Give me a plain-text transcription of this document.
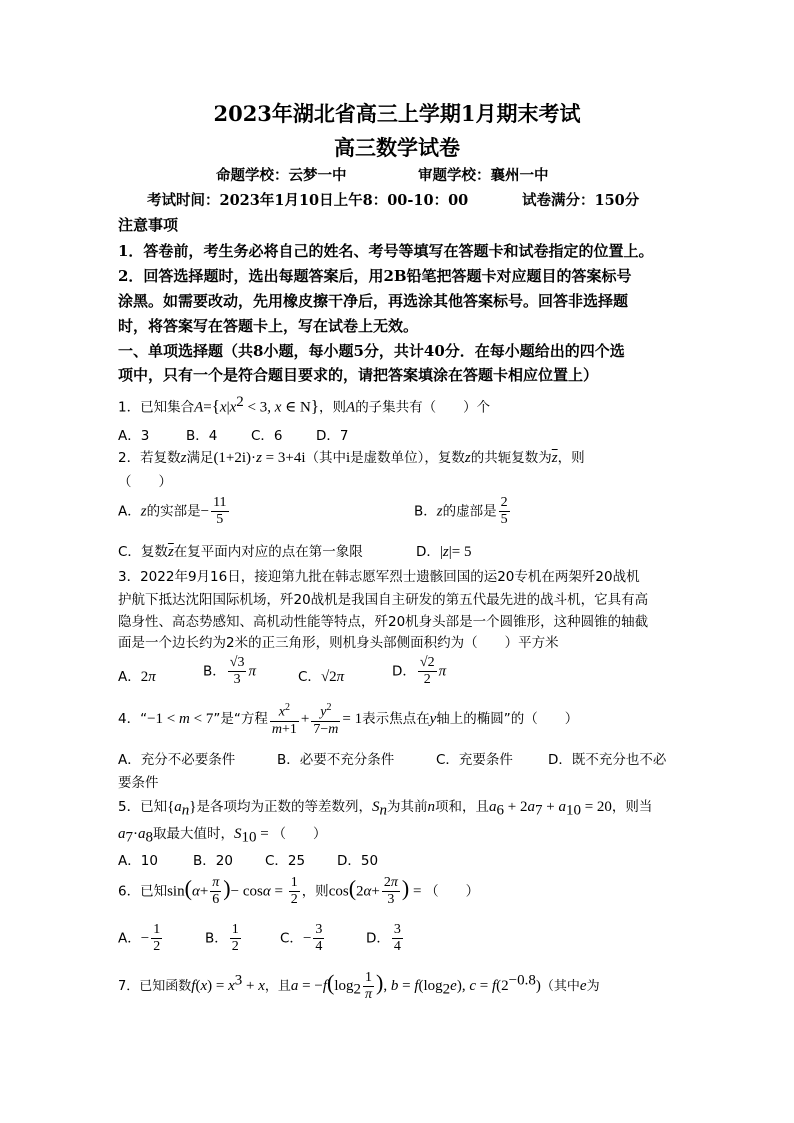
2023年湖北省高三上学期1月期末考试
高三数学试卷
命题学校：云梦一中	审题学校：襄州一中
考试时间：2023年1月10日上午8：00-10：00	试卷满分：150分
注意事项
1．答卷前，考生务必将自己的姓名、考号等填写在答题卡和试卷指定的位置上。
2．回答选择题时，选出每题答案后，用2B铅笔把答题卡对应题目的答案标号
涂黑。如需要改动，先用橡皮擦干净后，再选涂其他答案标号。回答非选择题
时，将答案写在答题卡上，写在试卷上无效。
一、单项选择题（共8小题，每小题5分，共计40分．在每小题给出的四个选
项中，只有一个是符合题目要求的，请把答案填涂在答题卡相应位置上）
1．已知集合$A=\{x|x^2 < 3$, x ∈ N}，则A的子集共有（　　）个
A．3	B．4 C．6 D．7
2．若复数z满足(1+2i)·z = 3+4i（其中i是虚数单位），复数z的共轭复数为$\overline{z}$，则
（　　）
A．z的实部是− $\frac{11}{5}$	B．z的虚部是 $\frac{2}{5}$
C．复数$\overline{z}$在复平面内对应的点在第一象限	D．|z|= 5
3．2022年9月16日，接迎第九批在韩志愿军烈士遗骸回国的运20专机在两架歼20战机
护航下抵达沈阳国际机场，歼20战机是我国自主研发的第五代最先进的战斗机，它具有高
隐身性、高态势感知、高机动性能等特点，歼20机身头部是一个圆锥形，这种圆锥的轴截
面是一个边长约为2米的正三角形，则机身头部侧面积约为（　　）平方米
A．2π	B． $\frac{√3}{3}$ π	C．√2π	D． $\frac{√2}{2}$ π
4．“−1 < m < 7”是“方程 $\frac{x^2}{m+1} + \frac{y^2}{7-m} = 1$表示焦点在y轴上的椭圆”的（　　）
A．充分不必要条件	B．必要不充分条件	C．充要条件	D．既不充分也不必
要条件
5．已知$\{a_n\}$是各项均为正数的等差数列，$S_n$为其前n项和，且$a_6 + 2a_7 + a_{10} = 20$，则当
$a_7\cdot a_8$取最大值时，$S_{10}$ = （　　）
A．10	B．20 C．25 D．50
6．已知$\sin(\alpha+ \frac{\pi}{6}$ )− $\cos\alpha = \frac{1}{2}$ ，则$\cos(2\alpha+ \frac{2\pi}{3}$ ) = （　　）
A．− $\frac{1}{2}$	B． $\frac{1}{2}$	C．− $\frac{3}{4}$	D． $\frac{3}{4}$
7．已知函数$f(x) = x^3 + x$，且$a = -f(\log_2 \frac{1}{\pi}$ ), $b = f(\log_2e)$, $c = f(2^{-0.8})$（其中e为
